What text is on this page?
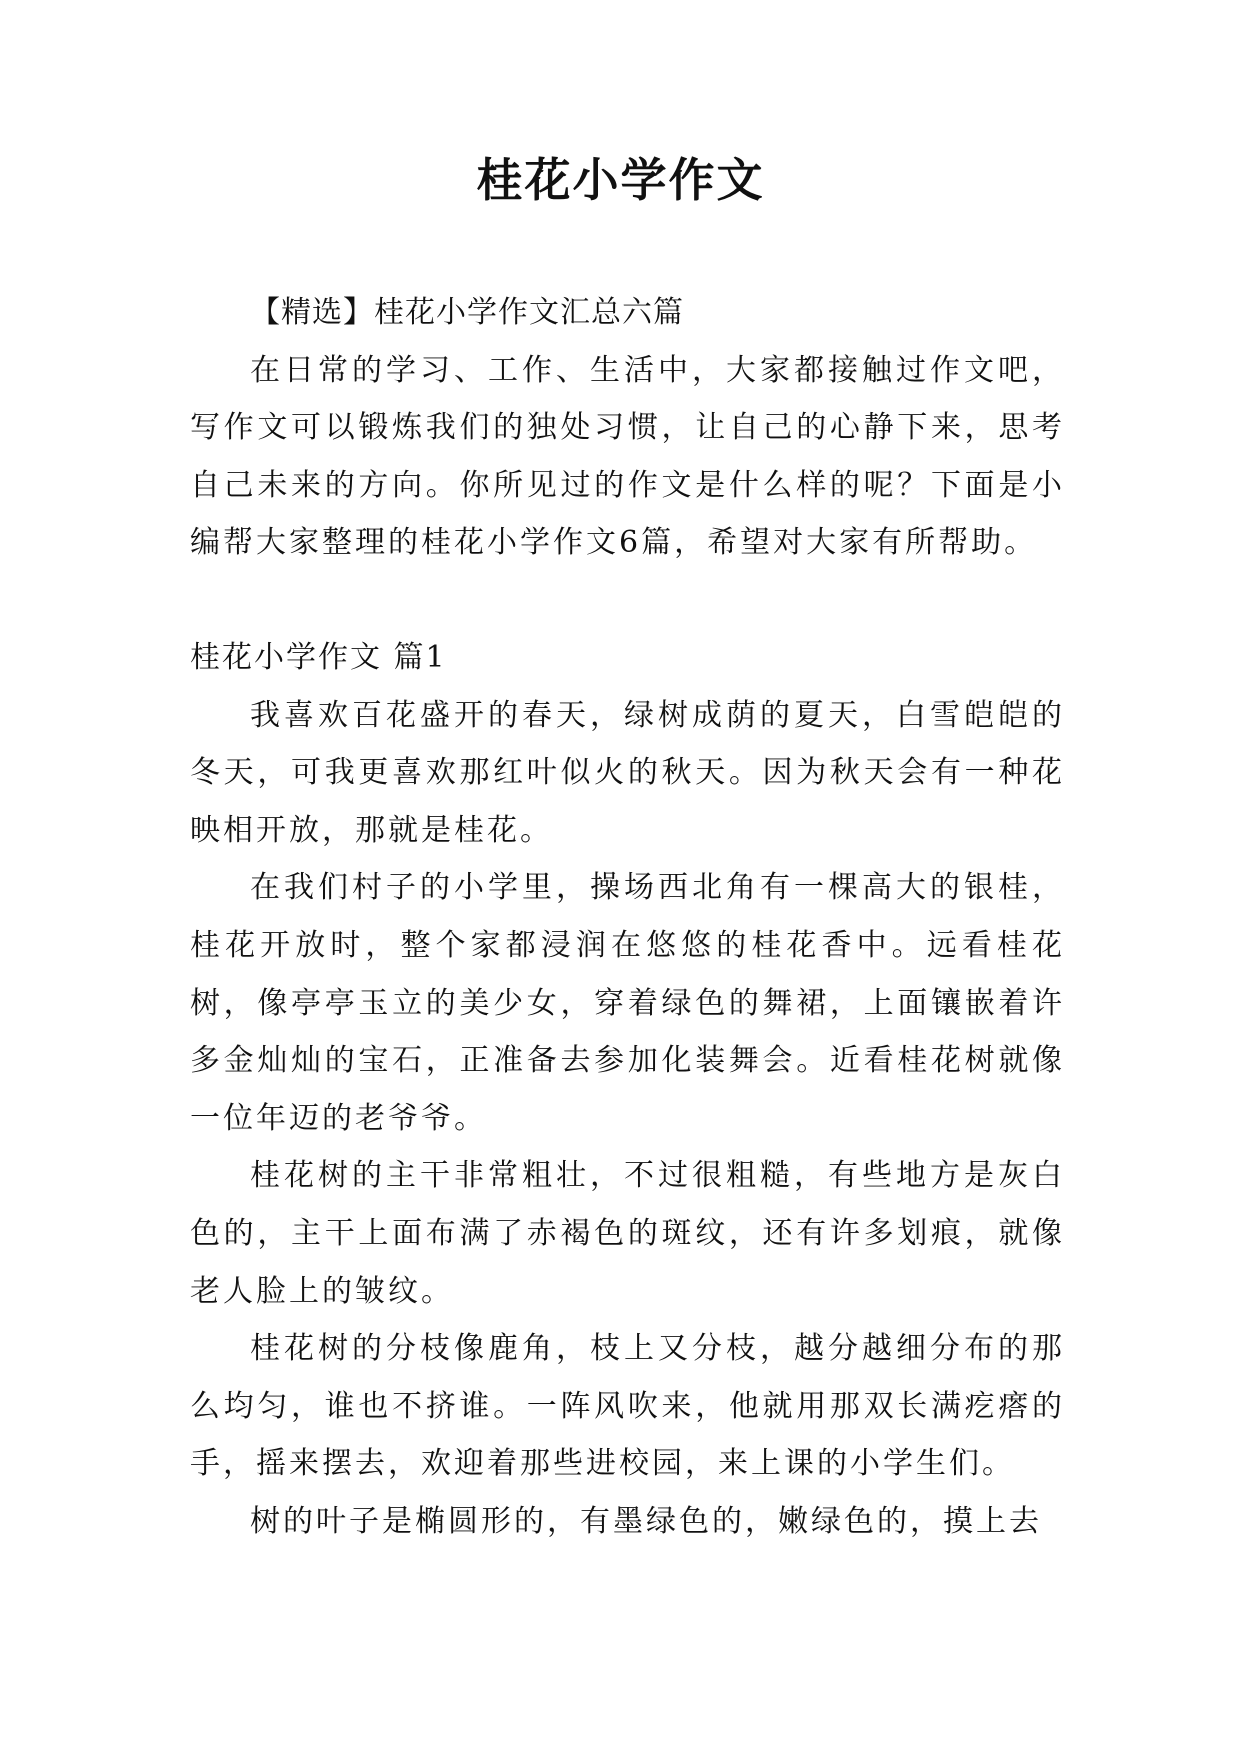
桂花小学作文

【精选】桂花小学作文汇总六篇

在日常的学习、工作、生活中，大家都接触过作文吧，写作文可以锻炼我们的独处习惯，让自己的心静下来，思考自己未来的方向。你所见过的作文是什么样的呢？下面是小编帮大家整理的桂花小学作文6篇，希望对大家有所帮助。

桂花小学作文 篇1

我喜欢百花盛开的春天，绿树成荫的夏天，白雪皑皑的冬天，可我更喜欢那红叶似火的秋天。因为秋天会有一种花映相开放，那就是桂花。

在我们村子的小学里，操场西北角有一棵高大的银桂，桂花开放时，整个家都浸润在悠悠的桂花香中。远看桂花树，像亭亭玉立的美少女，穿着绿色的舞裙，上面镶嵌着许多金灿灿的宝石，正准备去参加化装舞会。近看桂花树就像一位年迈的老爷爷。

桂花树的主干非常粗壮，不过很粗糙，有些地方是灰白色的，主干上面布满了赤褐色的斑纹，还有许多划痕，就像老人脸上的皱纹。

桂花树的分枝像鹿角，枝上又分枝，越分越细分布的那么均匀，谁也不挤谁。一阵风吹来，他就用那双长满疙瘩的手，摇来摆去，欢迎着那些进校园，来上课的小学生们。

树的叶子是椭圆形的，有墨绿色的，嫩绿色的，摸上去
